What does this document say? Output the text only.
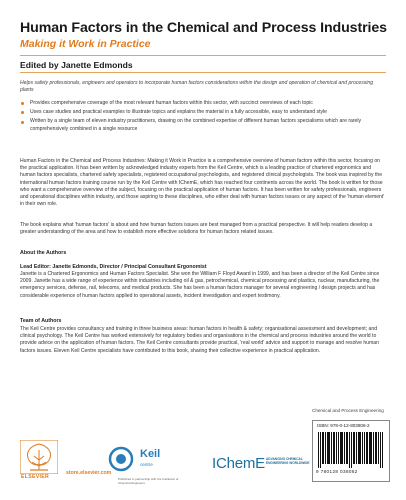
Human Factors in the Chemical and Process Industries
Making it Work in Practice
Edited by Janette Edmonds
Helps safety professionals, engineers and operators to incorporate human factors considerations within the design and operation of chemical and processing plants
Provides comprehensive coverage of the most relevant human factors within this sector, with succinct overviews of each topic
Uses case studies and practical examples to illustrate topics and explains the material in a fully accessible, easy to understand style
Written by a single team of eleven industry practitioners, drawing on the combined expertise of different human factors specialisms which are rarely comprehensively combined in a single resource

Human Factors in the Chemical and Process Industries: Making it Work in Practice is a comprehensive overview of human factors within this sector, focusing on the practical application. It has been written by acknowledged industry experts from the Keil Centre, which is a leading practice of chartered ergonomics and human factors specialists, chartered safety specialists, registered occupational psychologists, and registered clinical psychologists. The book was inspired by the international human factors training course run by the Keil Centre with IChemE, which has reached four continents across the world. The book is written for those who want a comprehensive overview of the subject, focusing on the practical application of human factors. It has been written for safety professionals, engineers and operational disciplines within industry, and those aspiring to these disciplines, who either deal with human factors issues or any aspect of the 'human element' in their own role.

The book explains what 'human factors' is about and how human factors issues are best managed from a practical perspective. It will help readers develop a greater understanding of the area and how to establish more effective solutions for human factors related issues.

About the Authors
Lead Editor: Janette Edmonds, Director / Principal Consultant Ergonomist

Janette is a Chartered Ergonomics and Human Factors Specialist. She won the William F Floyd Award in 1999, and has been a director of the Keil Centre since 2009. Janette has a wide range of experience within industries including oil & gas, petrochemical, chemical processing and plastics, nuclear, manufacturing, the emergency services, defense, rail, telecoms, and medical products. She has been a human factors manager for several engineering / design projects and has considerable experience of human factors applied to operational assets, incident investigation and expert testimony.

Team of Authors

The Keil Centre provides consultancy and training in three business areas: human factors in health & safety; organisational assessment and development; and clinical psychology. The Keil Centre has worked extensively for regulatory bodies and organisations in the chemical and process industries around the world to provide advice on the application of human factors. The Keil Centre consultants provide practical, 'real world' advice and support to manage and resolve human factors issues. Eleven Keil Centre specialists have contributed to this book, sharing their collective experience in practical application.

Chemical and Process Engineering
ISBN: 978-0-12-803806-2
9 780128 038062
ELSEVIER
store.elsevier.com
Keil
centre
Published in partnership with the Institution of Chemical Engineers
IChemE ADVANCING CHEMICAL ENGINEERING WORLDWIDE
